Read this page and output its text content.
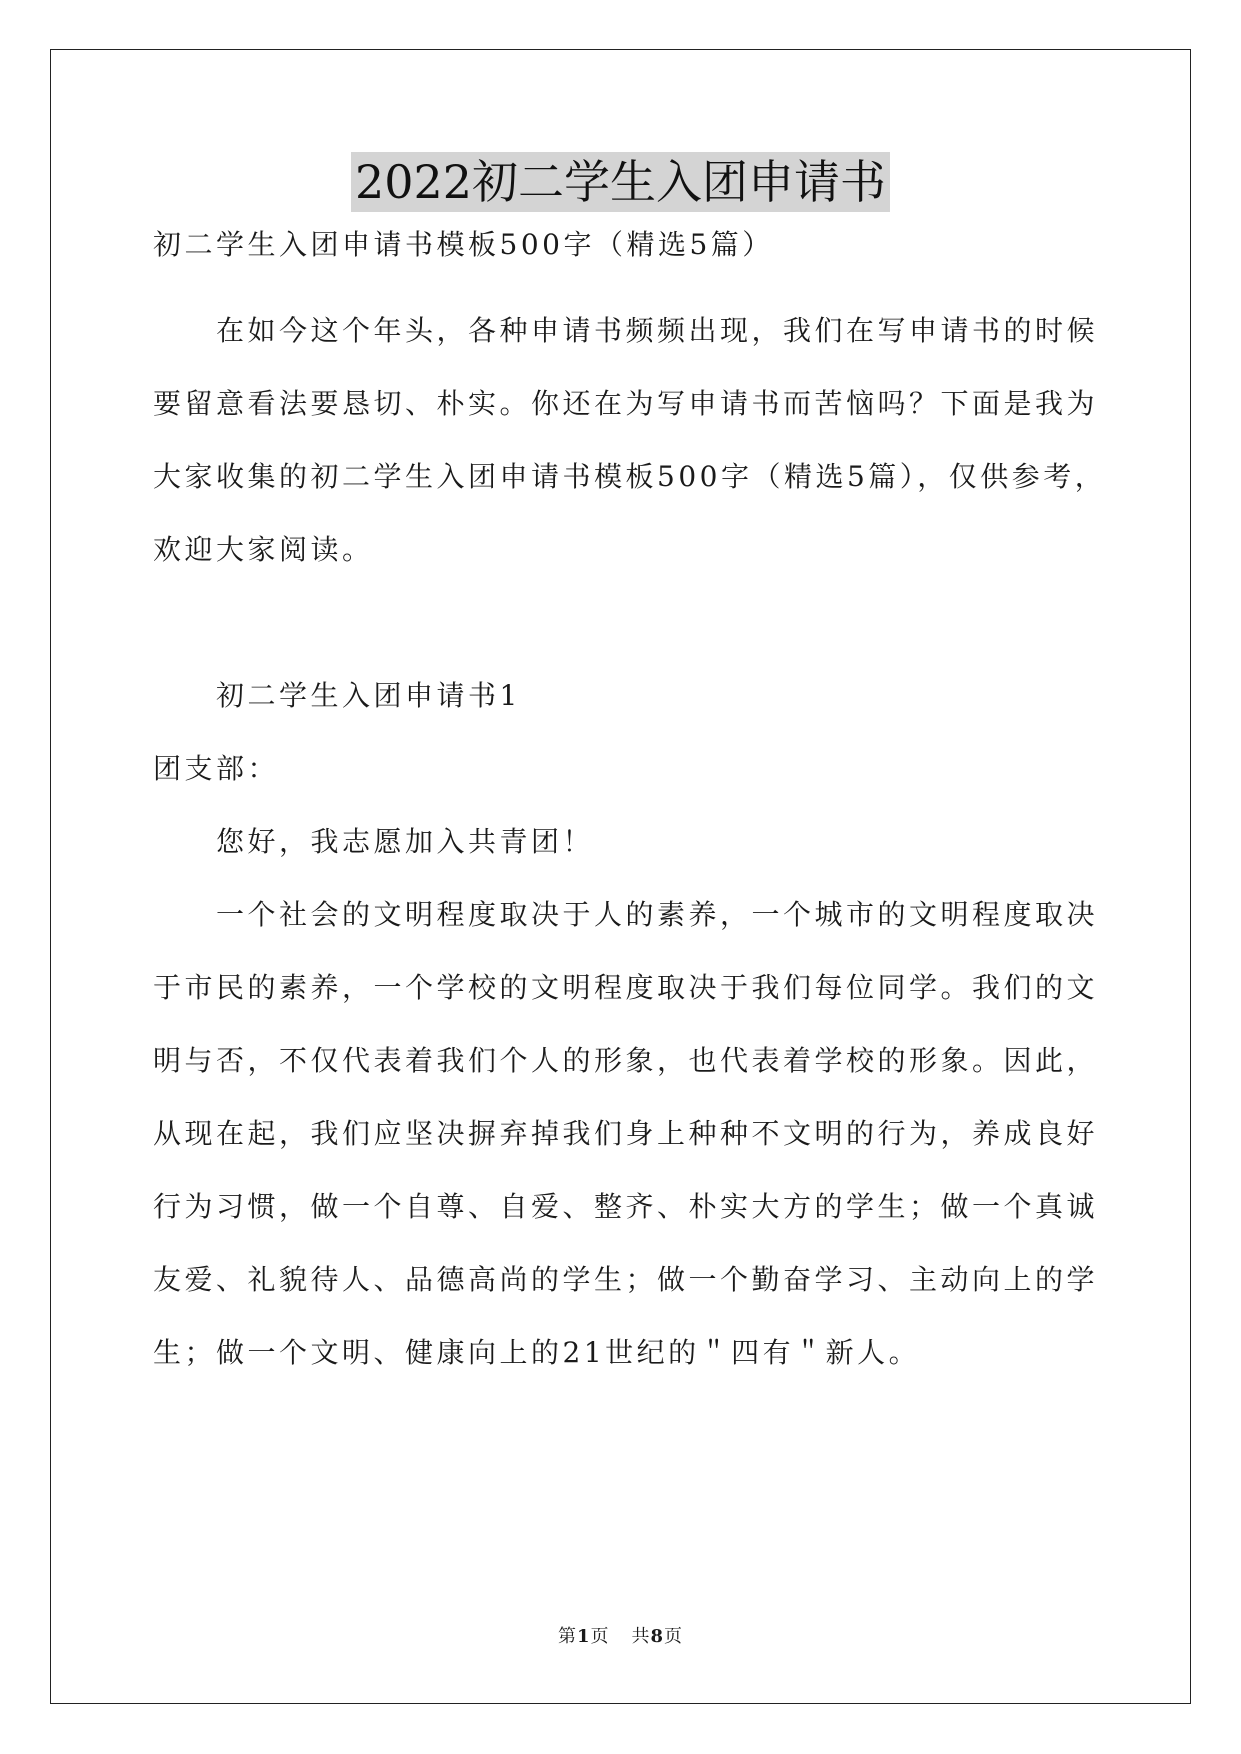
2022初二学生入团申请书
初二学生入团申请书模板500字（精选5篇）
在如今这个年头，各种申请书频频出现，我们在写申请书的时候
要留意看法要恳切、朴实。你还在为写申请书而苦恼吗？下面是我为
大家收集的初二学生入团申请书模板500字（精选5篇），仅供参考，
欢迎大家阅读。
初二学生入团申请书1
团支部：
您好，我志愿加入共青团！
一个社会的文明程度取决于人的素养，一个城市的文明程度取决
于市民的素养，一个学校的文明程度取决于我们每位同学。我们的文
明与否，不仅代表着我们个人的形象，也代表着学校的形象。因此，
从现在起，我们应坚决摒弃掉我们身上种种不文明的行为，养成良好
行为习惯，做一个自尊、自爱、整齐、朴实大方的学生；做一个真诚
友爱、礼貌待人、品德高尚的学生；做一个勤奋学习、主动向上的学
生；做一个文明、健康向上的21世纪的＂四有＂新人。
第1页 共8页
